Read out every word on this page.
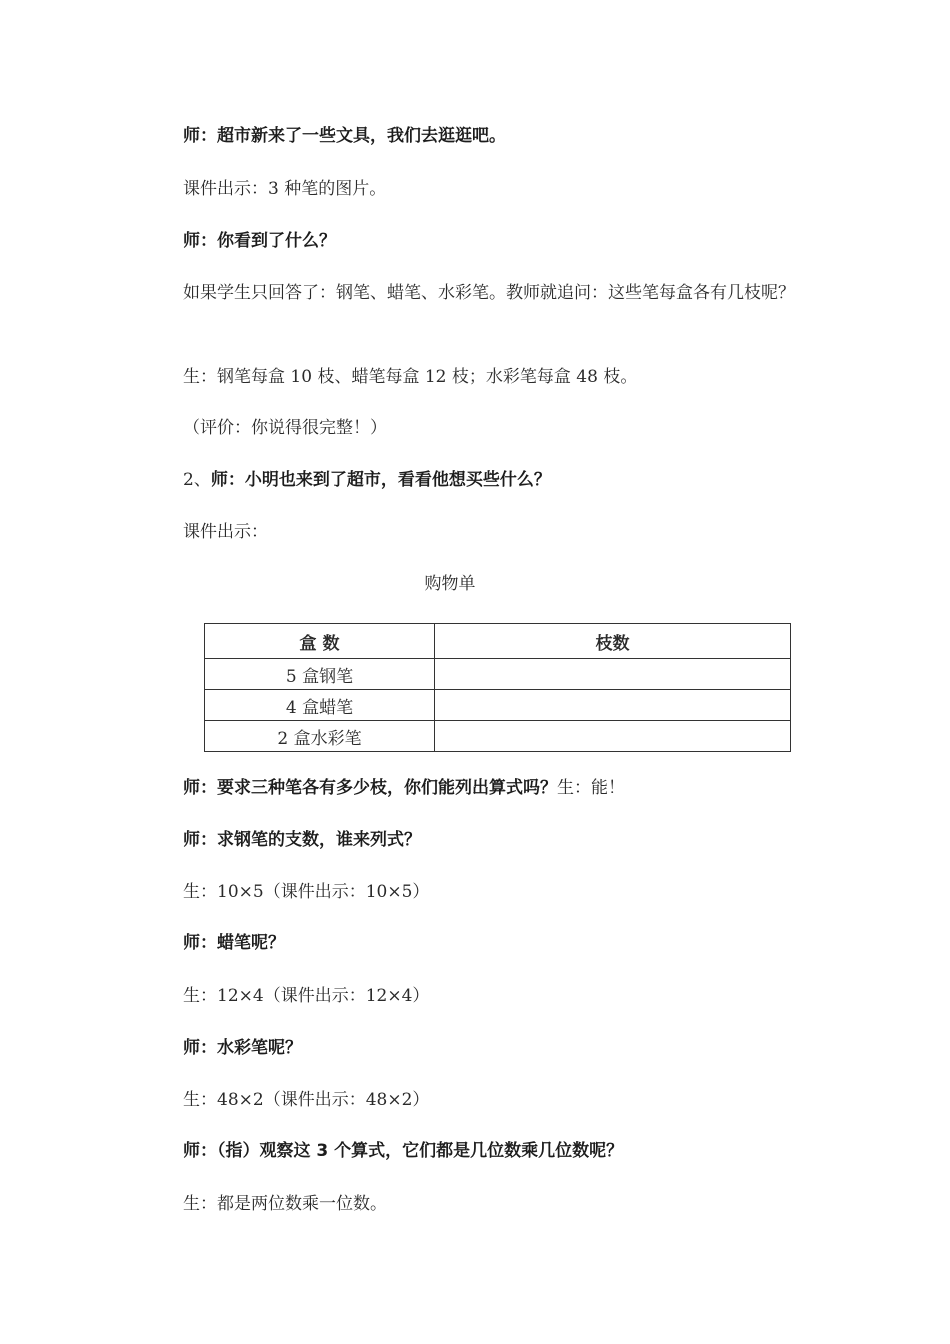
师：超市新来了一些文具，我们去逛逛吧。
课件出示：3 种笔的图片。
师：你看到了什么？
如果学生只回答了：钢笔、蜡笔、水彩笔。教师就追问：这些笔每盒各有几枝呢？
生：钢笔每盒 10 枝、蜡笔每盒 12 枝；水彩笔每盒 48 枝。
（评价：你说得很完整！）
2、师：小明也来到了超市，看看他想买些什么？
课件出示：
购物单
盒 数	枝数
5 盒钢笔	
4 盒蜡笔	
2 盒水彩笔	
师：要求三种笔各有多少枝，你们能列出算式吗？生：能！
师：求钢笔的支数，谁来列式？
生：10×5（课件出示：10×5）
师：蜡笔呢？
生：12×4（课件出示：12×4）
师：水彩笔呢？
生：48×2（课件出示：48×2）
师：（指）观察这 3 个算式，它们都是几位数乘几位数呢？
生：都是两位数乘一位数。
